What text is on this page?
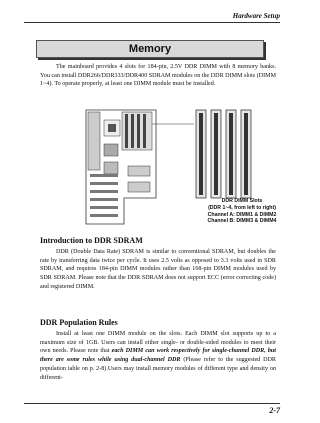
Hardware Setup
Memory
The mainboard provides 4 slots for 184-pin, 2.5V DDR DIMM with 8 memory banks. You can install DDR266/DDR333/DDR400 SDRAM modules on the DDR DIMM slots (DIMM 1~4). To operate properly, at least one DIMM module must be installed.
DDR DIMM Slots
(DDR 1~4, from left to right)
Channel A: DIMM1 & DIMM2
Channel B: DIMM3 & DIMM4
Introduction to DDR SDRAM
DDR (Double Data Rate) SDRAM is similar to conventional SDRAM, but doubles the rate by transferring data twice per cycle. It uses 2.5 volts as opposed to 3.3 volts used in SDR SDRAM, and requires 184-pin DIMM modules rather than 168-pin DIMM modules used by SDR SDRAM. Please note that the DDR SDRAM does not support ECC (error correcting code) and registered DIMM.
DDR Population Rules
Install at least one DIMM module on the slots. Each DIMM slot supports up to a maximum size of 1GB. Users can install either single- or double-sided modules to meet their own needs. Please note that each DIMM can work respectively for single-channel DDR, but there are some rules while using dual-channel DDR (Please refer to the suggested DDR population table on p. 2-8).Users may install memory modules of different type and density on different-
2-7
